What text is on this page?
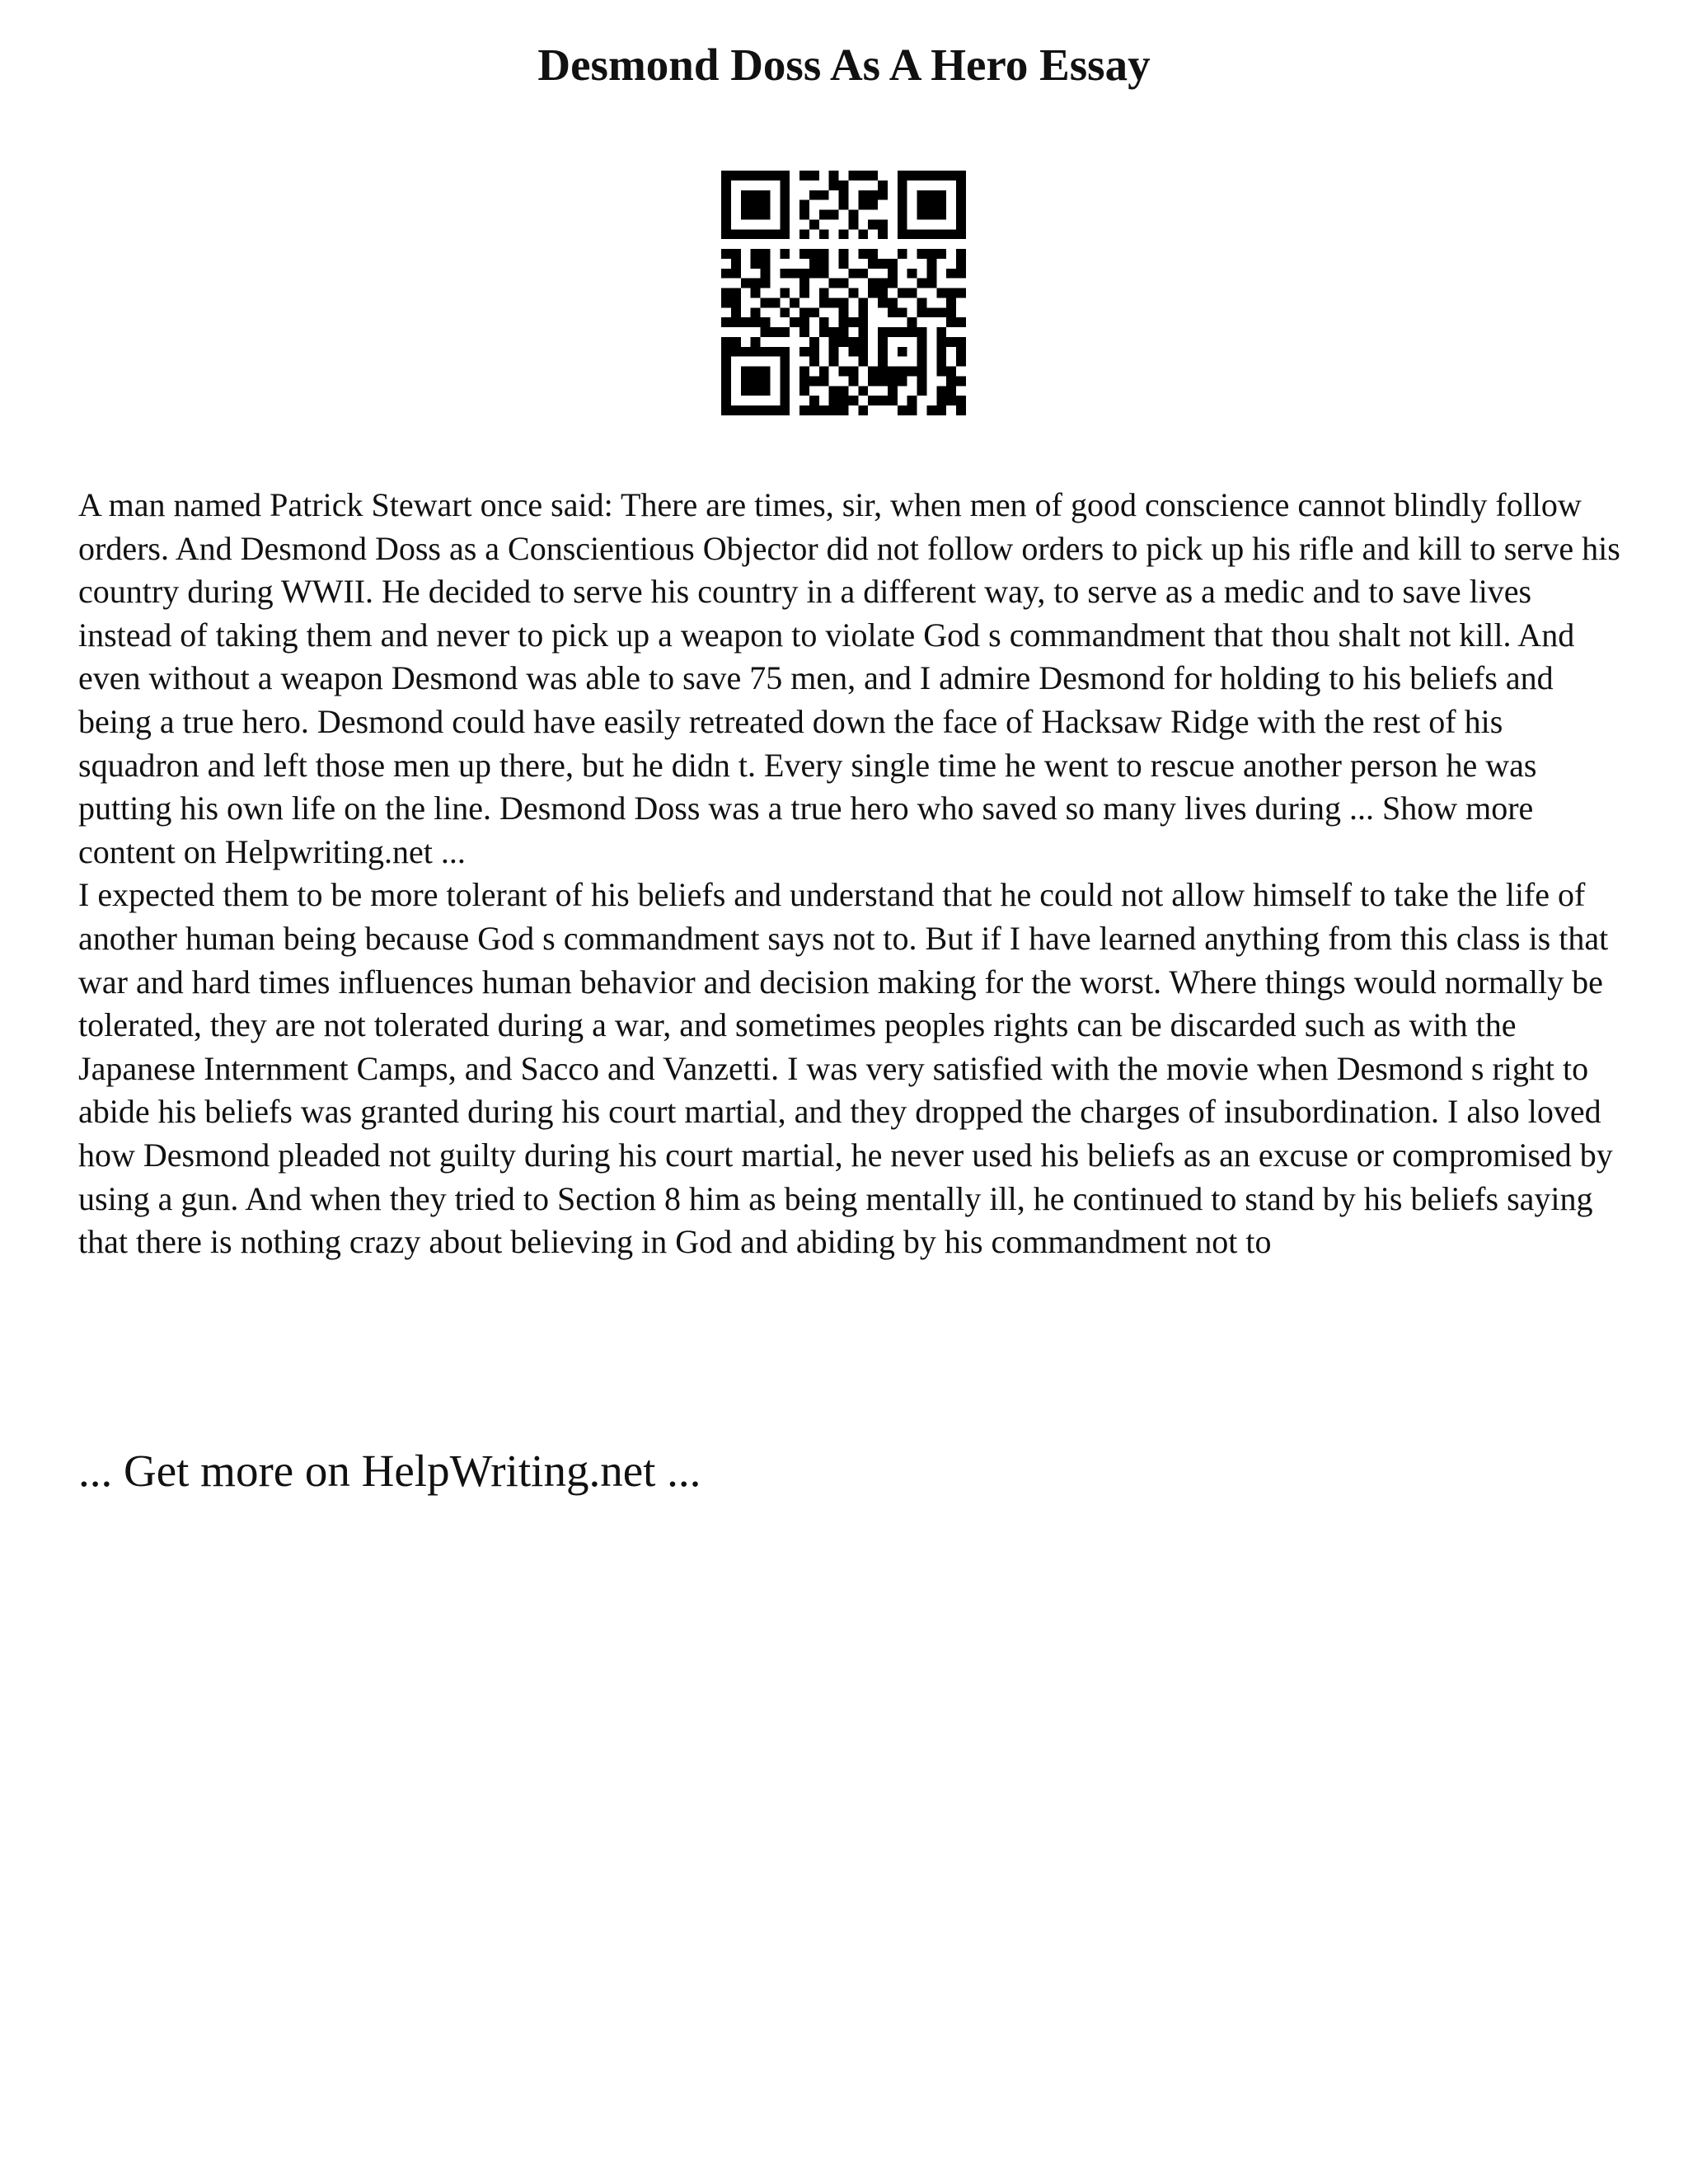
Desmond Doss As A Hero Essay

A man named Patrick Stewart once said: There are times, sir, when men of good conscience cannot blindly follow orders. And Desmond Doss as a Conscientious Objector did not follow orders to pick up his rifle and kill to serve his country during WWII. He decided to serve his country in a different way, to serve as a medic and to save lives instead of taking them and never to pick up a weapon to violate God s commandment that thou shalt not kill. And even without a weapon Desmond was able to save 75 men, and I admire Desmond for holding to his beliefs and being a true hero. Desmond could have easily retreated down the face of Hacksaw Ridge with the rest of his squadron and left those men up there, but he didn t. Every single time he went to rescue another person he was putting his own life on the line. Desmond Doss was a true hero who saved so many lives during ... Show more content on Helpwriting.net ...

I expected them to be more tolerant of his beliefs and understand that he could not allow himself to take the life of another human being because God s commandment says not to. But if I have learned anything from this class is that war and hard times influences human behavior and decision making for the worst. Where things would normally be tolerated, they are not tolerated during a war, and sometimes peoples rights can be discarded such as with the Japanese Internment Camps, and Sacco and Vanzetti. I was very satisfied with the movie when Desmond s right to abide his beliefs was granted during his court martial, and they dropped the charges of insubordination. I also loved how Desmond pleaded not guilty during his court martial, he never used his beliefs as an excuse or compromised by using a gun. And when they tried to Section 8 him as being mentally ill, he continued to stand by his beliefs saying that there is nothing crazy about believing in God and abiding by his commandment not to

... Get more on HelpWriting.net ...
